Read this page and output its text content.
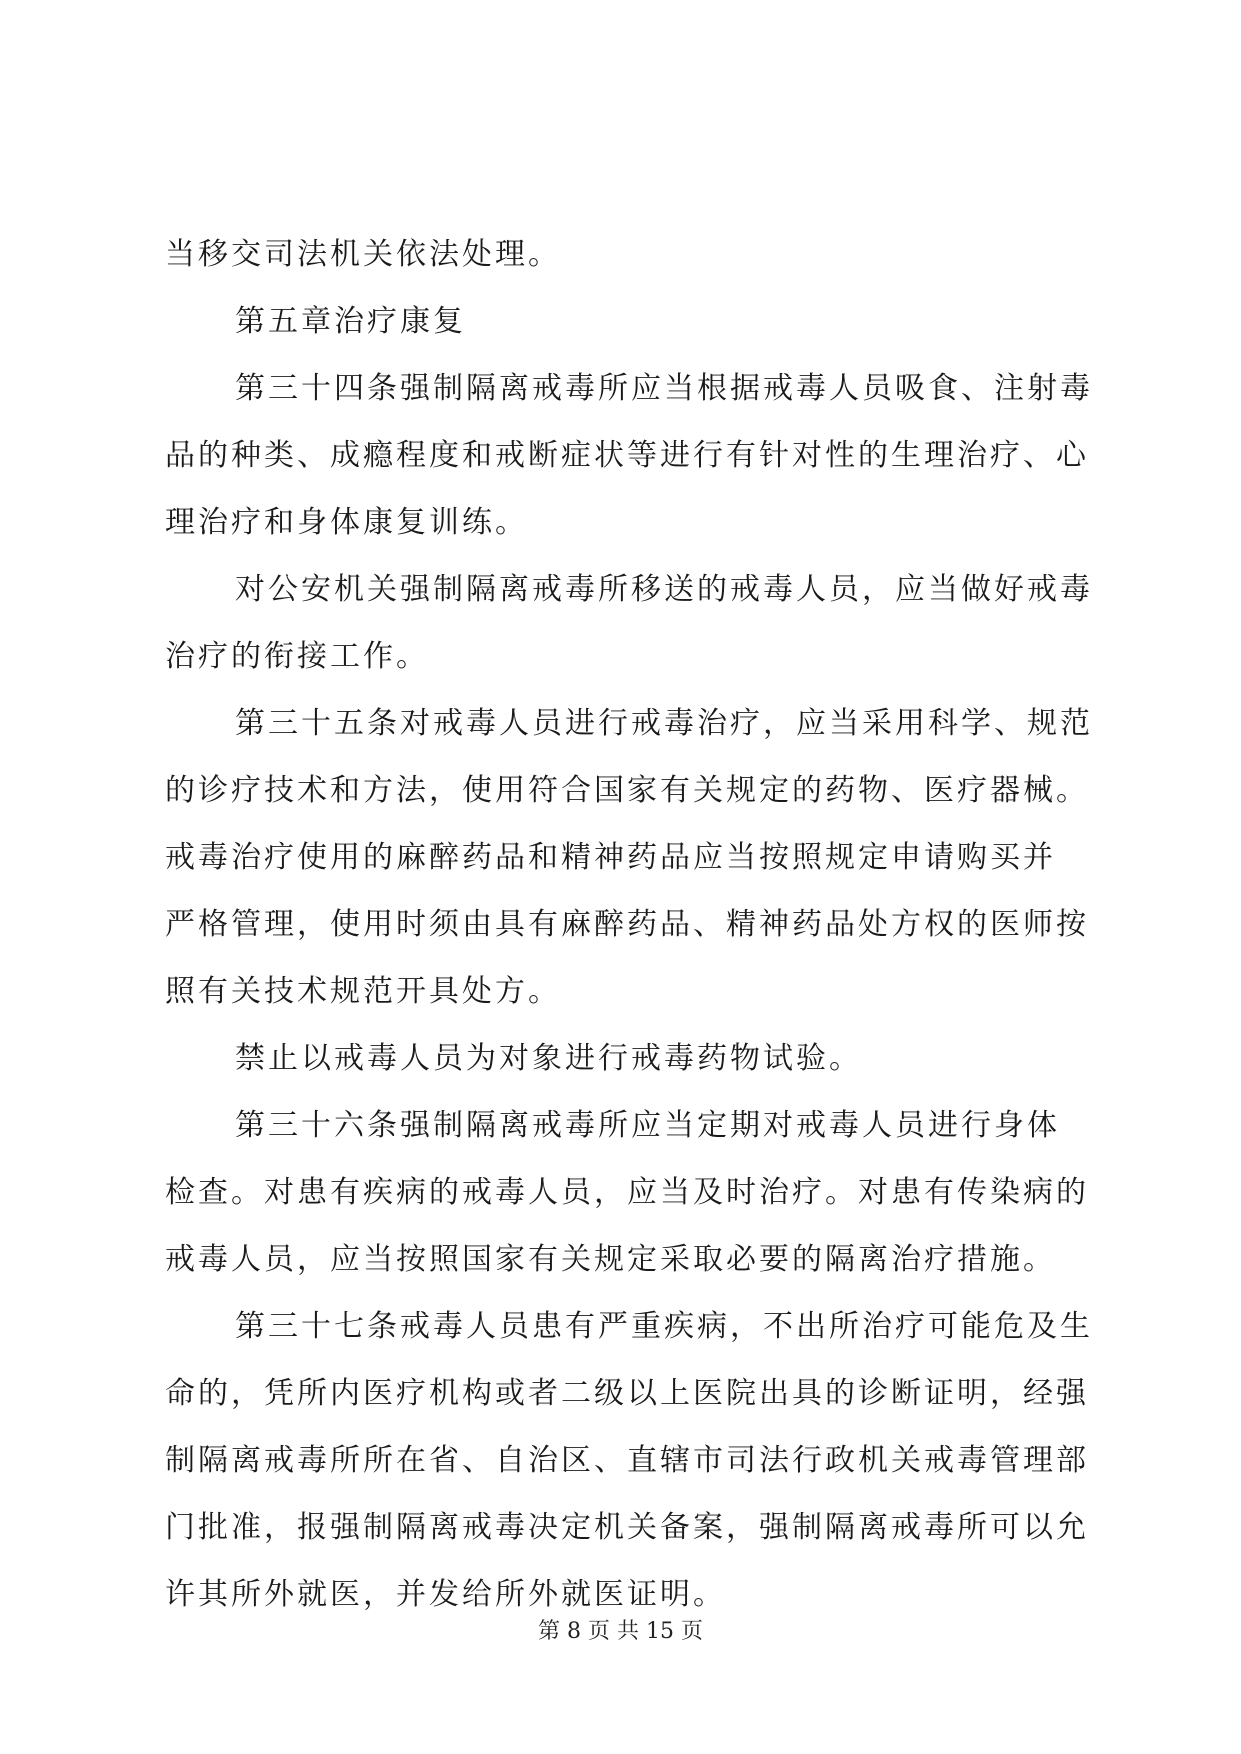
当移交司法机关依法处理。
第五章治疗康复
第三十四条强制隔离戒毒所应当根据戒毒人员吸食、注射毒
品的种类、成瘾程度和戒断症状等进行有针对性的生理治疗、心
理治疗和身体康复训练。
对公安机关强制隔离戒毒所移送的戒毒人员，应当做好戒毒
治疗的衔接工作。
第三十五条对戒毒人员进行戒毒治疗，应当采用科学、规范
的诊疗技术和方法，使用符合国家有关规定的药物、医疗器械。
戒毒治疗使用的麻醉药品和精神药品应当按照规定申请购买并
严格管理，使用时须由具有麻醉药品、精神药品处方权的医师按
照有关技术规范开具处方。
禁止以戒毒人员为对象进行戒毒药物试验。
第三十六条强制隔离戒毒所应当定期对戒毒人员进行身体
检查。对患有疾病的戒毒人员，应当及时治疗。对患有传染病的
戒毒人员，应当按照国家有关规定采取必要的隔离治疗措施。
第三十七条戒毒人员患有严重疾病，不出所治疗可能危及生
命的，凭所内医疗机构或者二级以上医院出具的诊断证明，经强
制隔离戒毒所所在省、自治区、直辖市司法行政机关戒毒管理部
门批准，报强制隔离戒毒决定机关备案，强制隔离戒毒所可以允
许其所外就医，并发给所外就医证明。
第 8 页 共 15 页
